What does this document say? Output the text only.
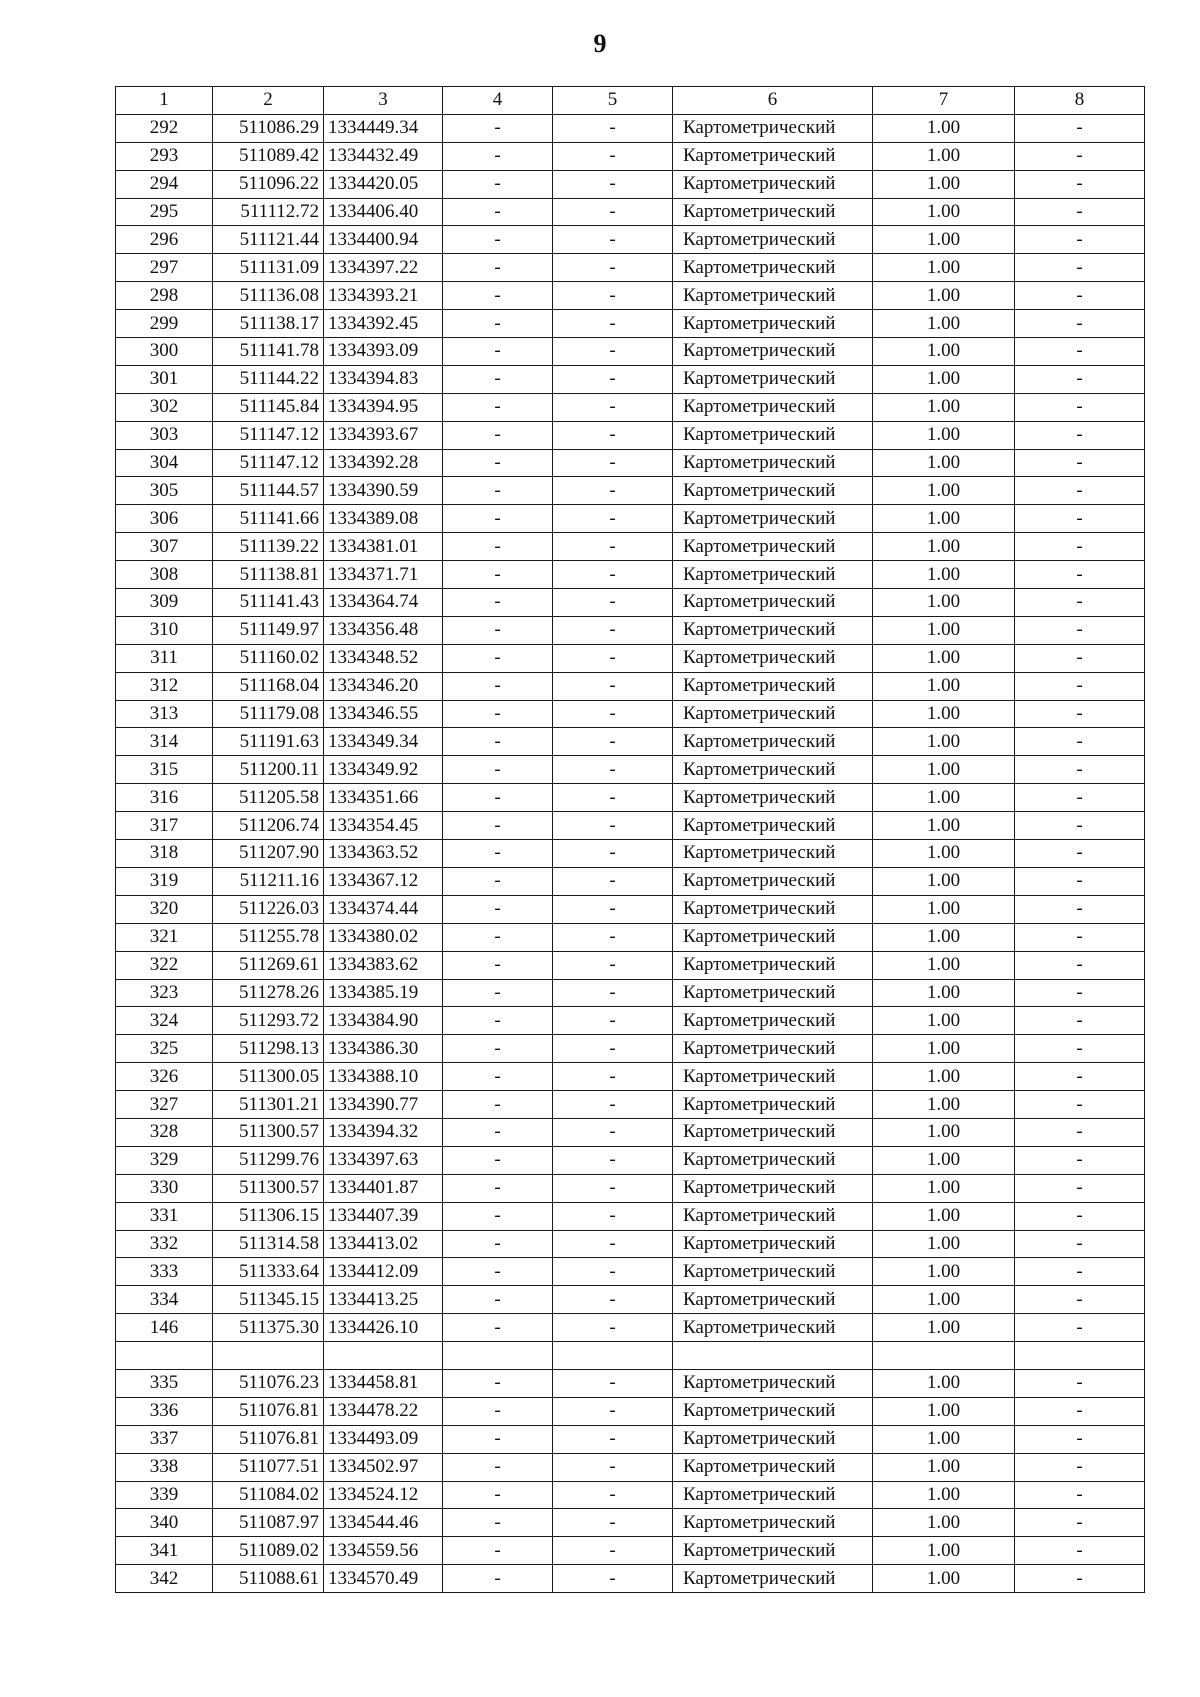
9
1	2	3	4	5	6	7	8
292	511086.29	1334449.34	-	-	Картометрический	1.00	-
293	511089.42	1334432.49	-	-	Картометрический	1.00	-
294	511096.22	1334420.05	-	-	Картометрический	1.00	-
295	511112.72	1334406.40	-	-	Картометрический	1.00	-
296	511121.44	1334400.94	-	-	Картометрический	1.00	-
297	511131.09	1334397.22	-	-	Картометрический	1.00	-
298	511136.08	1334393.21	-	-	Картометрический	1.00	-
299	511138.17	1334392.45	-	-	Картометрический	1.00	-
300	511141.78	1334393.09	-	-	Картометрический	1.00	-
301	511144.22	1334394.83	-	-	Картометрический	1.00	-
302	511145.84	1334394.95	-	-	Картометрический	1.00	-
303	511147.12	1334393.67	-	-	Картометрический	1.00	-
304	511147.12	1334392.28	-	-	Картометрический	1.00	-
305	511144.57	1334390.59	-	-	Картометрический	1.00	-
306	511141.66	1334389.08	-	-	Картометрический	1.00	-
307	511139.22	1334381.01	-	-	Картометрический	1.00	-
308	511138.81	1334371.71	-	-	Картометрический	1.00	-
309	511141.43	1334364.74	-	-	Картометрический	1.00	-
310	511149.97	1334356.48	-	-	Картометрический	1.00	-
311	511160.02	1334348.52	-	-	Картометрический	1.00	-
312	511168.04	1334346.20	-	-	Картометрический	1.00	-
313	511179.08	1334346.55	-	-	Картометрический	1.00	-
314	511191.63	1334349.34	-	-	Картометрический	1.00	-
315	511200.11	1334349.92	-	-	Картометрический	1.00	-
316	511205.58	1334351.66	-	-	Картометрический	1.00	-
317	511206.74	1334354.45	-	-	Картометрический	1.00	-
318	511207.90	1334363.52	-	-	Картометрический	1.00	-
319	511211.16	1334367.12	-	-	Картометрический	1.00	-
320	511226.03	1334374.44	-	-	Картометрический	1.00	-
321	511255.78	1334380.02	-	-	Картометрический	1.00	-
322	511269.61	1334383.62	-	-	Картометрический	1.00	-
323	511278.26	1334385.19	-	-	Картометрический	1.00	-
324	511293.72	1334384.90	-	-	Картометрический	1.00	-
325	511298.13	1334386.30	-	-	Картометрический	1.00	-
326	511300.05	1334388.10	-	-	Картометрический	1.00	-
327	511301.21	1334390.77	-	-	Картометрический	1.00	-
328	511300.57	1334394.32	-	-	Картометрический	1.00	-
329	511299.76	1334397.63	-	-	Картометрический	1.00	-
330	511300.57	1334401.87	-	-	Картометрический	1.00	-
331	511306.15	1334407.39	-	-	Картометрический	1.00	-
332	511314.58	1334413.02	-	-	Картометрический	1.00	-
333	511333.64	1334412.09	-	-	Картометрический	1.00	-
334	511345.15	1334413.25	-	-	Картометрический	1.00	-
146	511375.30	1334426.10	-	-	Картометрический	1.00	-

335	511076.23	1334458.81	-	-	Картометрический	1.00	-
336	511076.81	1334478.22	-	-	Картометрический	1.00	-
337	511076.81	1334493.09	-	-	Картометрический	1.00	-
338	511077.51	1334502.97	-	-	Картометрический	1.00	-
339	511084.02	1334524.12	-	-	Картометрический	1.00	-
340	511087.97	1334544.46	-	-	Картометрический	1.00	-
341	511089.02	1334559.56	-	-	Картометрический	1.00	-
342	511088.61	1334570.49	-	-	Картометрический	1.00	-
